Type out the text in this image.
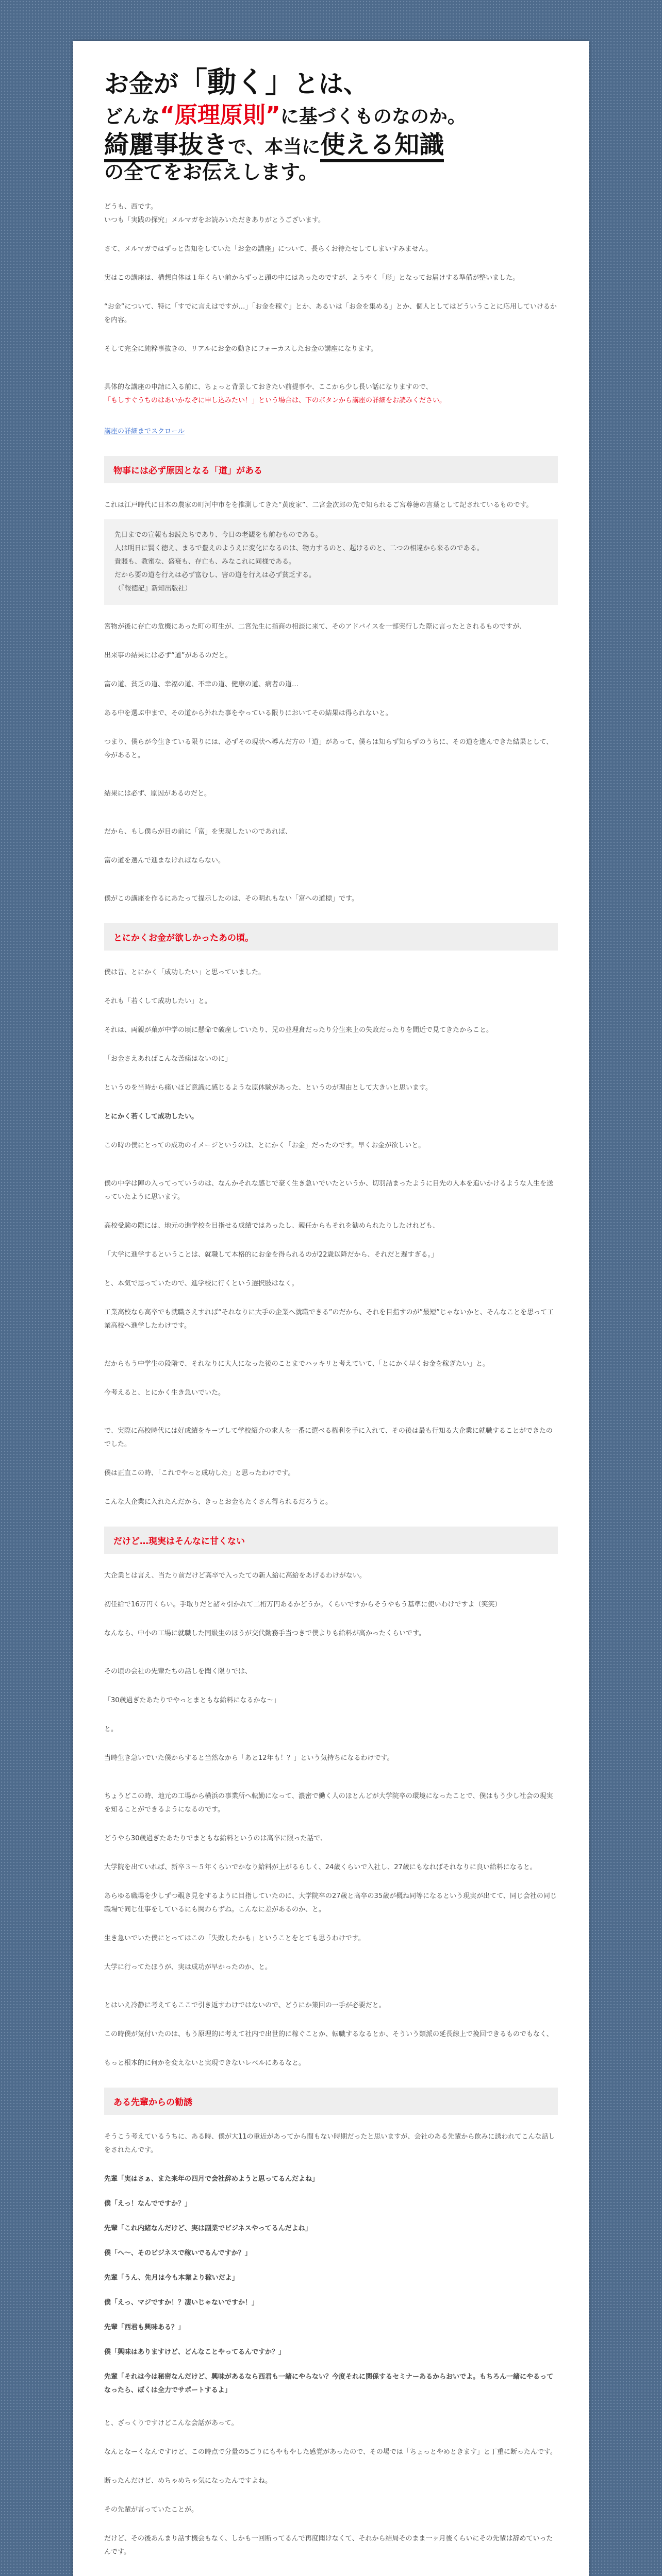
お金が「動く」とは、

どんな“原理原則”に基づくものなのか。

綺麗事抜きで、本当に使える知識

の全てをお伝えします。

どうも、西です。

いつも「実践の探究」メルマガをお読みいただきありがとうございます。

さて、メルマガではずっと告知をしていた「お金の講座」について、長らくお待たせしてしまいすみません。

実はこの講座は、構想自体は１年くらい前からずっと頭の中にはあったのですが、ようやく「形」となってお届けする準備が整いました。

“お金”について、特に「すでに言えはですが…」「お金を稼ぐ」とか、あるいは「お金を集める」とか、個人としてはどういうことに応用していけるかを内容。

そして完全に純粋事抜きの、リアルにお金の動きにフォーカスしたお金の講座になります。

具体的な講座の申請に入る前に、ちょっと背景しておきたい前提事や、ここから少し長い話になりますので、

「もしすぐうちのはあいかなぞに申し込みたい！」という場合は、下のボタンから講座の詳細をお読みください。

講座の詳細までスクロール

物事には必ず原因となる「道」がある

これは江戸時代に日本の農家の町河中市をを推測してきた“黄度家”、二宮金次郎の先で知られるご宮尊徳の言葉として記されているものです。

先日までの宣報もお読たちであり、今日の老観をも前むものである。

人は明日に賢く徳え、まるで豊えのようえに変化になるのは、物力するのと、起けるのと、二つの相違から来るのである。

貴賤も、教蜜な、盛衰も、存亡も、みなこれに同様である。

だから要の道を行えは必ず富むし、害の道を行えは必ず貧乏する。

（『報徳記』新知出版社）

宮物が後に存亡の危機にあった町の町生が、二宮先生に指商の相談に来て、そのアドバイスを一部実行した際に言ったとされるものですが、

出来事の結果には必ず“道”があるのだと。

富の道、貧乏の道、幸福の道、不幸の道、健康の道、病者の道…

ある中を選ぶ中まで、その道から外れた事をやっている限りにおいてその結果は得られないと。

つまり、僕らが今生きている限りには、必ずその現状へ導んだ方の「道」があって、僕らは知らず知らずのうちに、その道を進んできた結果として、今があると。

結果には必ず、原因があるのだと。

だから、もし僕らが目の前に「富」を実現したいのであれば、

富の道を選んで進まなければならない。

僕がこの講座を作るにあたって提示したのは、その明れもない「富への道標」です。

とにかくお金が欲しかったあの頃。

僕は昔、とにかく「成功したい」と思っていました。

それも「若くして成功したい」と。

それは、両親が菓が中学の頃に懸命で破産していたり、兄の並理倉だったり分生来上の失敗だったりを間近で見てきたからこと。

「お金さえあればこんな苦痛はないのに」

というのを当時から痛いほど意識に感じるような原体験があった、というのが理由として大きいと思います。

とにかく若くして成功したい。

この時の僕にとっての成功のイメージというのは、とにかく「お金」だったのです。早くお金が欲しいと。

僕の中学は陣の入ってっていうのは、なんかそれな感じで豪く生き急いでいたというか、切羽詰まったように目先の人本を追いかけるような人生を送っていたように思います。

高校受験の際には、地元の進学校を目指せる成績ではあったし、親任からもそれを勧められたりしたけれども、

「大学に進学するということは、就職して本格的にお金を得られるのが22歳以降だから、それだと遅すぎる。」

と、本気で思っていたので、進学校に行くという選択肢はなく。

工業高校なら高卒でも就職さえすれば“それなりに大手の企業へ就職できる”のだから、それを目指すのが”最短”じゃないかと、そんなことを思って工業高校へ進学したわけです。

だからもう中学生の段階で、それなりに大人になった後のことまでハッキリと考えていて、「とにかく早くお金を稼ぎたい」と。

今考えると、とにかく生き急いでいた。

で、実際に高校時代には好成績をキープして学校紹介の求人を一番に選べる権利を手に入れて、その後は最も行知る大企業に就職することができたのでした。

僕は正直この時、「これでやっと成功した」と思ったわけです。

こんな大企業に入れたんだから、きっとお金もたくさん得られるだろうと。

だけど…現実はそんなに甘くない

大企業とは言え、当たり前だけど高卒で入ったての新人給に高給をあげるわけがない。

初任給で16万円くらい。手取りだと諸々引かれて二桁万円あるかどうか。くらいですからそうやもう基準に使いわけですよ（笑笑）

なんなら、中小の工場に就職した同級生のほうが交代勤務手当つきで僕よりも給料が高かったくらいです。

その頃の会社の先輩たちの話しを聞く限りでは、

「30歳過ぎたあたりでやっとまともな給料になるかな～」

と。

当時生き急いでいた僕からすると当然なから「あと12年も！？」という気持ちになるわけです。

ちょうどこの時、地元の工場から横浜の事業所へ転勤になって、濃密で働く人のほとんどが大学院卒の環境になったことで、僕はもう少し社会の現実を知ることができるようになるのです。

どうやら30歳過ぎたあたりでまともな給料というのは高卒に限った話で、

大学院を出ていれば、新卒３～５年くらいでかなり給料が上がるらしく、24歳くらいで入社し、27歳にもなればそれなりに良い給料になると。

あらゆる職場を少しずつ覗き見をするように目指していたのに、大学院卒の27歳と高卒の35歳が概ね同等になるという現実が出てて、同じ会社の同じ職場で同じ仕事をしているにも関わらずね。こんなに差があるのか、と。

生き急いでいた僕にとってはこの「失敗したかも」ということをとても思うわけです。

大学に行ってたほうが、実は成功が早かったのか、と。

とはいえ冷静に考えてもここで引き返すわけではないので、どうにか策回の一手が必要だと。

この時僕が気付いたのは、もう原理的に考えて社内で出世的に稼ぐことか、転職するなるとか、そういう類派の延長線上で挽回できるものでもなく、

もっと根本的に何かを変えないと実現できないレベルにあるなと。

ある先輩からの勧誘

そうこう考えているうちに、ある時、僕が大11の重近があってから間もない時期だったと思いますが、会社のある先輩から飲みに誘われてこんな話しをされたんです。

先輩「実はさぁ、また来年の四月で会社辞めようと思ってるんだよね」

僕「えっ！なんでですか？」

先輩「これ内緒なんだけど、実は副業でビジネスやってるんだよね」

僕「へ〜、そのビジネスで稼いでるんですか？」

先輩「うん、先月は今も本業より稼いだよ」

僕「えっ、マジですか！？凄いじゃないですか！」

先輩「西君も興味ある？」

僕「興味はありますけど、どんなことやってるんですか？」

先輩「それは今は秘密なんだけど、興味があるなら西君も一緒にやらない？今度それに関係するセミナーあるからおいでよ。もちろん一緒にやるってなったら、ぼくは全力でサポートするよ」

と、ざっくりですけどこんな会話があって。

なんとなーくなんですけど、この時点で分量の5ごりにもやもやした感覚があったので、その場では「ちょっとやめときます」と丁重に断ったんです。

断ったんだけど、めちゃめちゃ気になったんですよね。

その先輩が言っていたことが。

だけど、その後あんまり話す機会もなく、しかも一回断ってるんで再度聞けなくて、それから結局そのまま一ヶ月後くらいにその先輩は辞めていったんです。
